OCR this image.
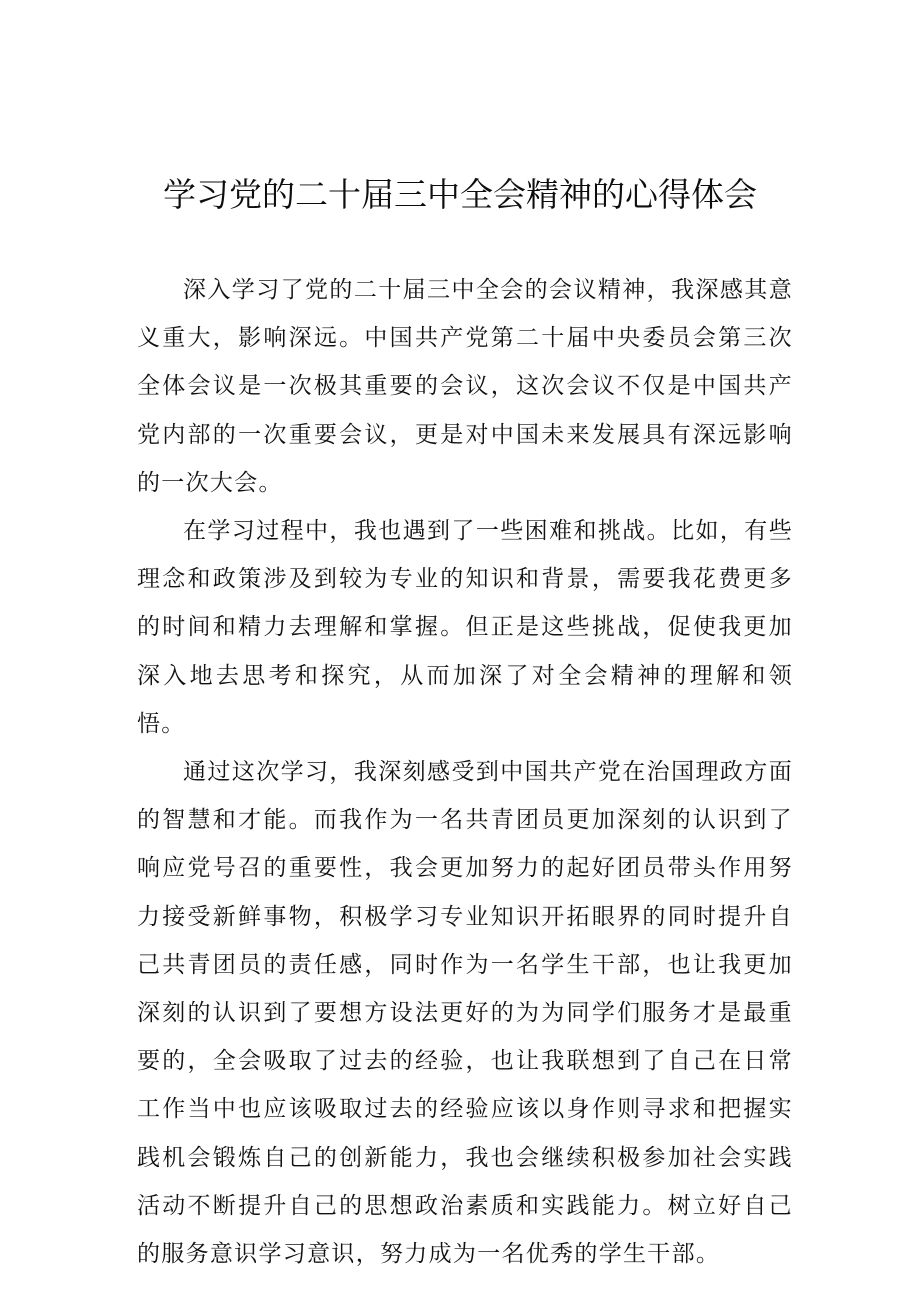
学习党的二十届三中全会精神的心得体会

深入学习了党的二十届三中全会的会议精神，我深感其意义重大，影响深远。中国共产党第二十届中央委员会第三次全体会议是一次极其重要的会议，这次会议不仅是中国共产党内部的一次重要会议，更是对中国未来发展具有深远影响的一次大会。

在学习过程中，我也遇到了一些困难和挑战。比如，有些理念和政策涉及到较为专业的知识和背景，需要我花费更多的时间和精力去理解和掌握。但正是这些挑战，促使我更加深入地去思考和探究，从而加深了对全会精神的理解和领悟。

通过这次学习，我深刻感受到中国共产党在治国理政方面的智慧和才能。而我作为一名共青团员更加深刻的认识到了响应党号召的重要性，我会更加努力的起好团员带头作用努力接受新鲜事物，积极学习专业知识开拓眼界的同时提升自己共青团员的责任感，同时作为一名学生干部，也让我更加深刻的认识到了要想方设法更好的为为同学们服务才是最重要的，全会吸取了过去的经验，也让我联想到了自己在日常工作当中也应该吸取过去的经验应该以身作则寻求和把握实践机会锻炼自己的创新能力，我也会继续积极参加社会实践活动不断提升自己的思想政治素质和实践能力。树立好自己的服务意识学习意识，努力成为一名优秀的学生干部。
